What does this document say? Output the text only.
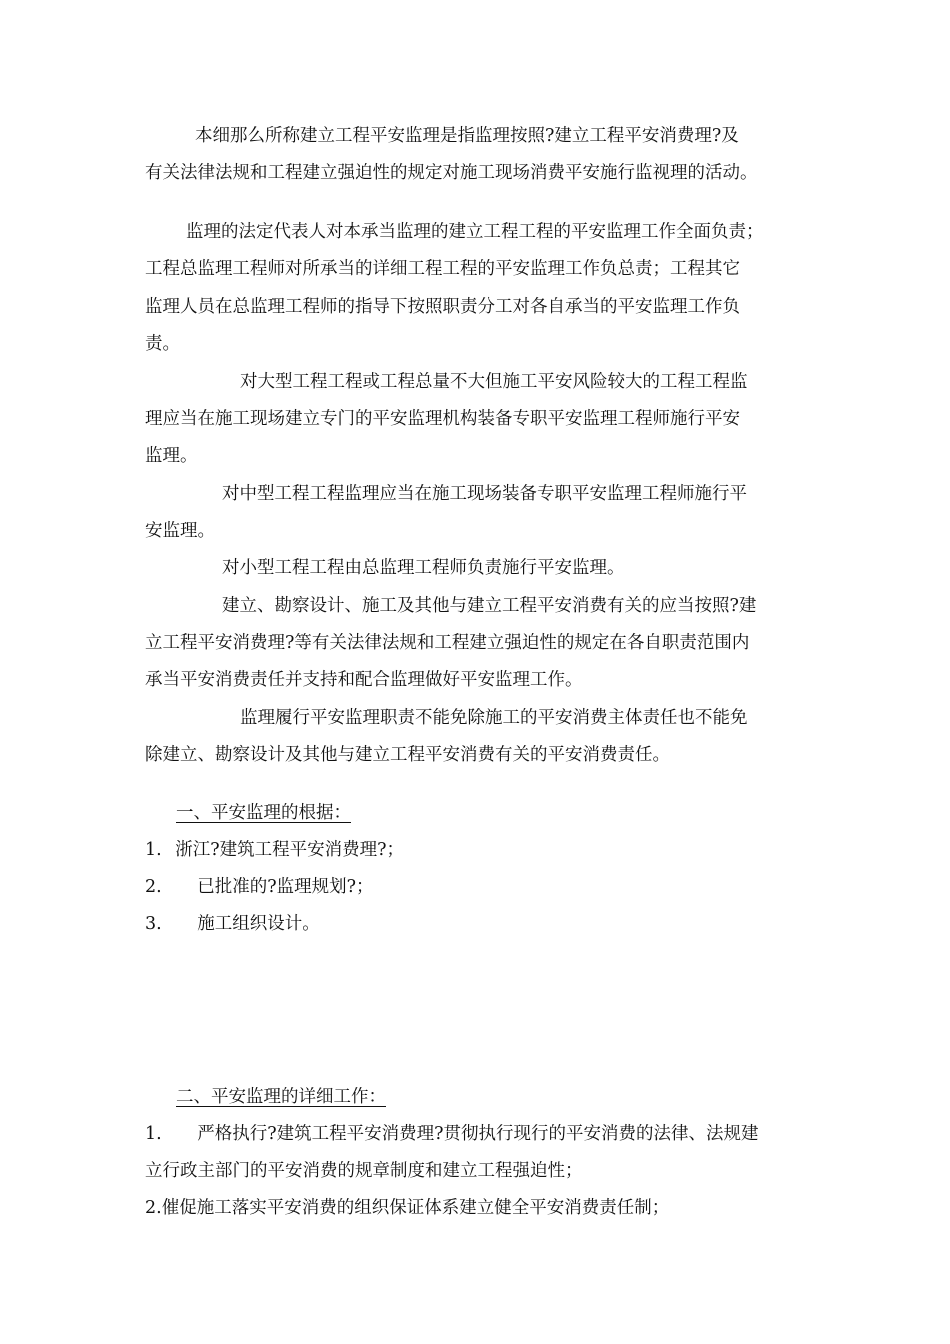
本细那么所称建立工程平安监理是指监理按照?建立工程平安消费理?及
有关法律法规和工程建立强迫性的规定对施工现场消费平安施行监视理的活动。
监理的法定代表人对本承当监理的建立工程工程的平安监理工作全面负责；
工程总监理工程师对所承当的详细工程工程的平安监理工作负总责；工程其它
监理人员在总监理工程师的指导下按照职责分工对各自承当的平安监理工作负
责。
对大型工程工程或工程总量不大但施工平安风险较大的工程工程监
理应当在施工现场建立专门的平安监理机构装备专职平安监理工程师施行平安
监理。
对中型工程工程监理应当在施工现场装备专职平安监理工程师施行平
安监理。
对小型工程工程由总监理工程师负责施行平安监理。
建立、勘察设计、施工及其他与建立工程平安消费有关的应当按照?建
立工程平安消费理?等有关法律法规和工程建立强迫性的规定在各自职责范围内
承当平安消费责任并支持和配合监理做好平安监理工作。
监理履行平安监理职责不能免除施工的平安消费主体责任也不能免
除建立、勘察设计及其他与建立工程平安消费有关的平安消费责任。
一、平安监理的根据：
1. 浙江?建筑工程平安消费理?；
2. 已批准的?监理规划?；
3. 施工组织设计。
二、平安监理的详细工作：
1. 严格执行?建筑工程平安消费理?贯彻执行现行的平安消费的法律、法规建
立行政主部门的平安消费的规章制度和建立工程强迫性；
2.催促施工落实平安消费的组织保证体系建立健全平安消费责任制；
